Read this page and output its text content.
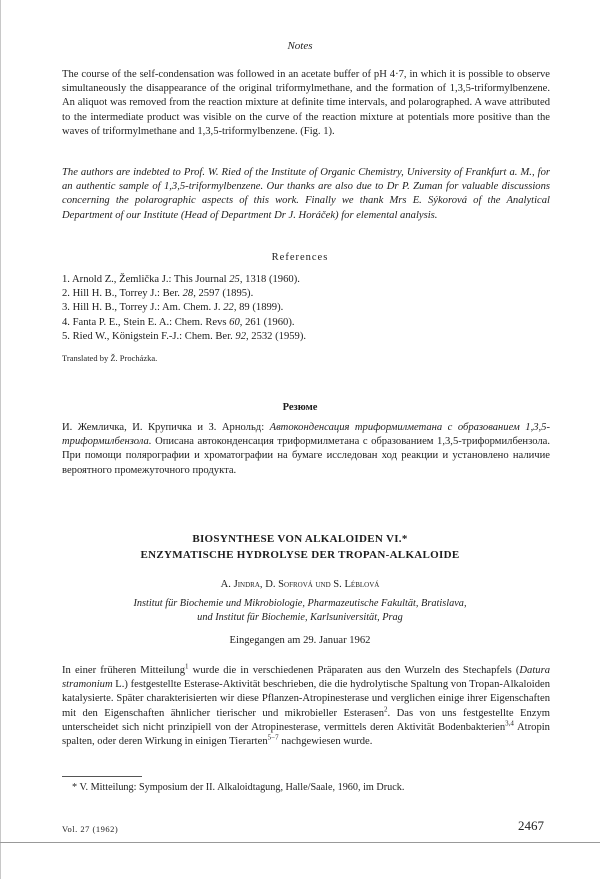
Notes
The course of the self-condensation was followed in an acetate buffer of pH 4·7, in which it is possible to observe simultaneously the disappearance of the original triformylmethane, and the formation of 1,3,5-triformylbenzene. An aliquot was removed from the reaction mixture at definite time intervals, and polarographed. A wave attributed to the intermediate product was visible on the curve of the reaction mixture at potentials more positive than the waves of triformylmethane and 1,3,5-triformylbenzene. (Fig. 1).
The authors are indebted to Prof. W. Ried of the Institute of Organic Chemistry, University of Frankfurt a. M., for an authentic sample of 1,3,5-triformylbenzene. Our thanks are also due to Dr P. Zuman for valuable discussions concerning the polarographic aspects of this work. Finally we thank Mrs E. Sýkorová of the Analytical Department of our Institute (Head of Department Dr J. Horáček) for elemental analysis.
References
1. Arnold Z., Žemlička J.: This Journal 25, 1318 (1960).
2. Hill H. B., Torrey J.: Ber. 28, 2597 (1895).
3. Hill H. B., Torrey J.: Am. Chem. J. 22, 89 (1899).
4. Fanta P. E., Stein E. A.: Chem. Revs 60, 261 (1960).
5. Ried W., Königstein F.-J.: Chem. Ber. 92, 2532 (1959).
Translated by Ž. Procházka.
Резюме
И. Жемличка, И. Крупичка и З. Арнольд: Автоконденсация триформилметана с образованием 1,3,5-триформилбензола. Описана автоконденсация триформилметана с образованием 1,3,5-триформилбензола. При помощи полярографии и хроматографии на бумаге исследован ход реакции и установлено наличие вероятного промежуточного продукта.
BIOSYNTHESE VON ALKALOIDEN VI.*
ENZYMATISCHE HYDROLYSE DER TROPAN-ALKALOIDE
A. Jindra, D. Sofrová und S. Léblová
Institut für Biochemie und Mikrobiologie, Pharmazeutische Fakultät, Bratislava,
und Institut für Biochemie, Karlsuniversität, Prag
Eingegangen am 29. Januar 1962
In einer früheren Mitteilung$^1$ wurde die in verschiedenen Präparaten aus den Wurzeln des Stechapfels (Datura stramonium L.) festgestellte Esterase-Aktivität beschrieben, die die hydrolytische Spaltung von Tropan-Alkaloiden katalysierte. Später charakterisierten wir diese Pflanzen-Atropinesterase und verglichen einige ihrer Eigenschaften mit den Eigenschaften ähnlicher tierischer und mikrobieller Esterasen$^2$. Das von uns festgestellte Enzym unterscheidet sich nicht prinzipiell von der Atropinesterase, vermittels deren Aktivität Bodenbakterien$^{3,4}$ Atropin spalten, oder deren Wirkung in einigen Tierarten$^{5-7}$ nachgewiesen wurde.
* V. Mitteilung: Symposium der II. Alkaloidtagung, Halle/Saale, 1960, im Druck.
Vol. 27 (1962)	2467
